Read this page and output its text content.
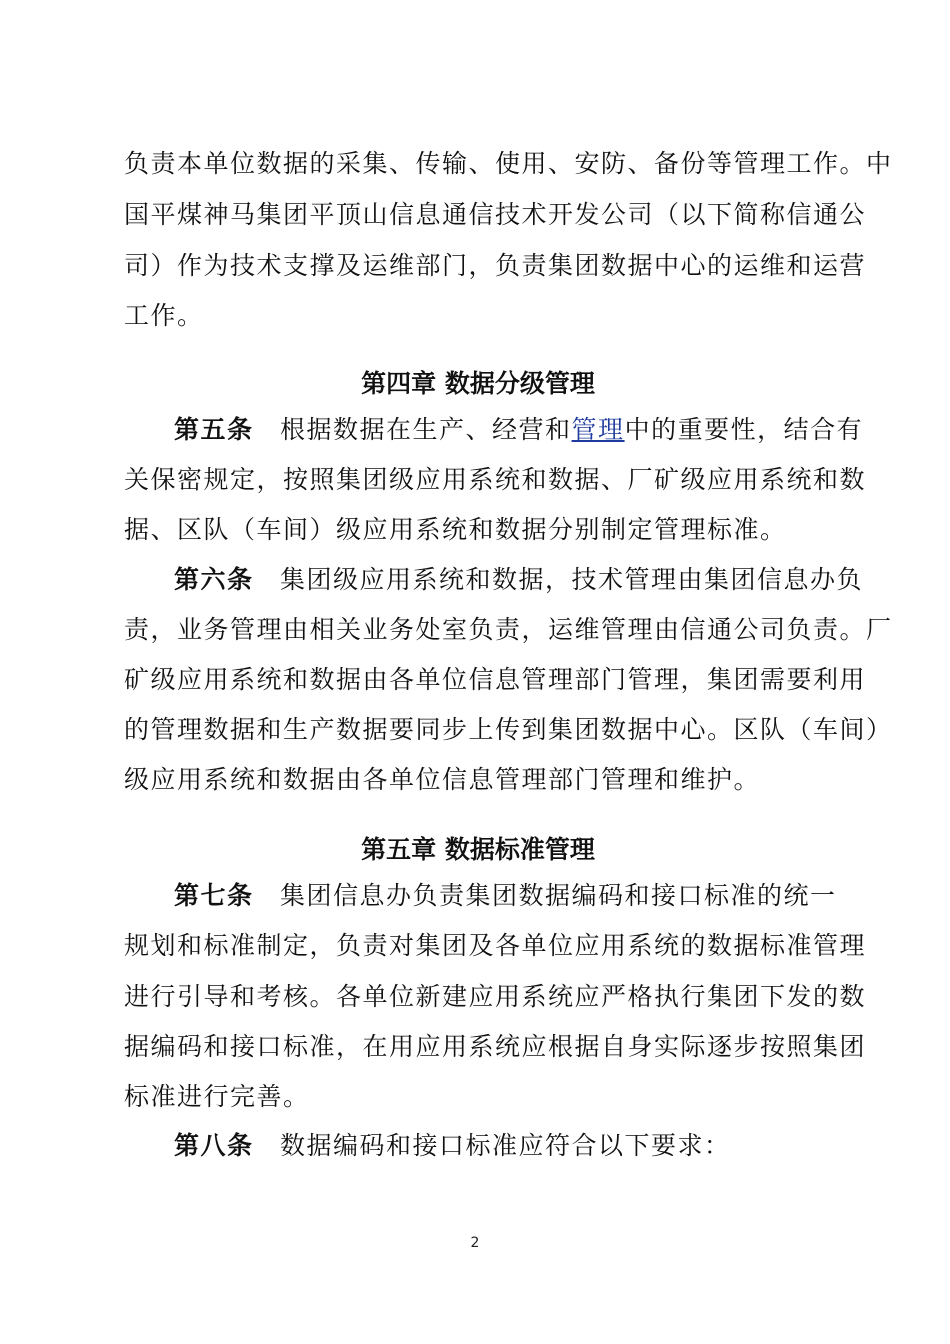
负责本单位数据的采集、传输、使用、安防、备份等管理工作。中
国平煤神马集团平顶山信息通信技术开发公司（以下简称信通公
司）作为技术支撑及运维部门，负责集团数据中心的运维和运营
工作。
第四章 数据分级管理
第五条　 根据数据在生产、经营和管理中的重要性，结合有
关保密规定，按照集团级应用系统和数据、厂矿级应用系统和数
据、区队（车间）级应用系统和数据分别制定管理标准。
第六条　 集团级应用系统和数据，技术管理由集团信息办负
责，业务管理由相关业务处室负责，运维管理由信通公司负责。厂
矿级应用系统和数据由各单位信息管理部门管理，集团需要利用
的管理数据和生产数据要同步上传到集团数据中心。区队（车间）
级应用系统和数据由各单位信息管理部门管理和维护。
第五章 数据标准管理
第七条　 集团信息办负责集团数据编码和接口标准的统一
规划和标准制定，负责对集团及各单位应用系统的数据标准管理
进行引导和考核。各单位新建应用系统应严格执行集团下发的数
据编码和接口标准，在用应用系统应根据自身实际逐步按照集团
标准进行完善。
第八条　 数据编码和接口标准应符合以下要求：
2
